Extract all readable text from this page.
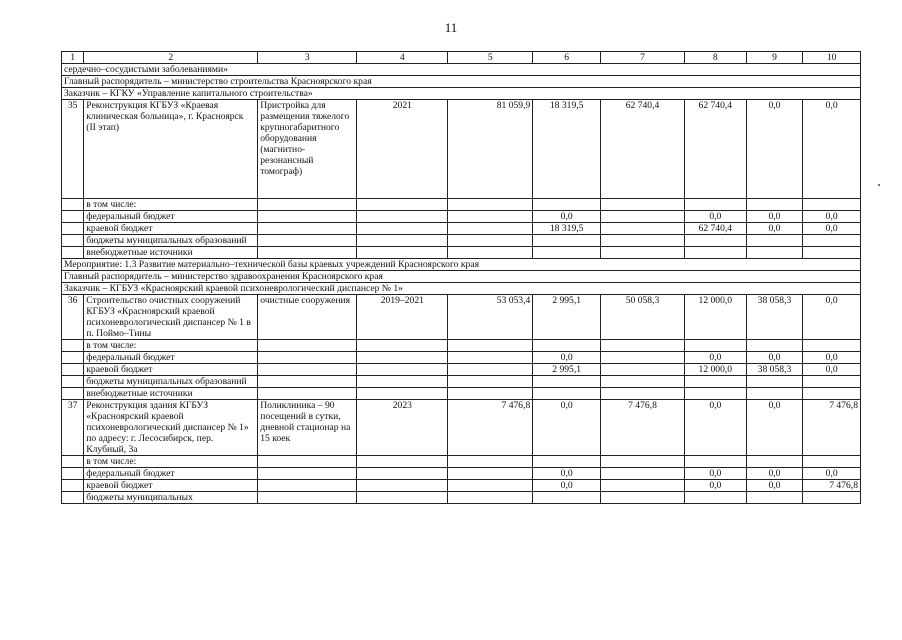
11
1	2	3	4	5	6	7	8	9	10
сердечно–сосудистыми заболеваниями»									
Главный распорядитель – министерство строительства Красноярского края									
Заказчик – КГКУ «Управление капитального строительства»									
35	Реконструкция КГБУЗ «Краевая клиническая больница», г. Красноярск (II этап)	Пристройка для размещения тяжелого крупногабаритного оборудования (магнитно-резонансный томограф)	2021	81 059,9	18 319,5	62 740,4	62 740,4	0,0	0,0
	в том числе:								
	федеральный бюджет				0,0		0,0	0,0	0,0
	краевой бюджет				18 319,5		62 740,4	0,0	0,0
	бюджеты муниципальных образований								
	внебюджетные источники								
Мероприятие: 1.3 Развитие материально–технической базы краевых учреждений Красноярского края									
Главный распорядитель – министерство здравоохранения Красноярского края									
Заказчик – КГБУЗ «Красноярский краевой психоневрологический диспансер № 1»									
36	Строительство очистных сооружений КГБУЗ «Красноярский краевой психоневрологический диспансер № 1 в п. Поймо–Тины	очистные сооружения	2019–2021	53 053,4	2 995,1	50 058,3	12 000,0	38 058,3	0,0
	в том числе:								
	федеральный бюджет				0,0		0,0	0,0	0,0
	краевой бюджет				2 995,1		12 000,0	38 058,3	0,0
	бюджеты муниципальных образований								
	внебюджетные источники								
37	Реконструкция здания КГБУЗ «Красноярский краевой психоневрологический диспансер № 1» по адресу: г. Лесосибирск, пер. Клубный, 3а	Поликлиника – 90 посещений в сутки, дневной стационар на 15 коек	2023	7 476,8	0,0	7 476,8	0,0	0,0	7 476,8
	в том числе:								
	федеральный бюджет				0,0		0,0	0,0	0,0
	краевой бюджет				0,0		0,0	0,0	7 476,8
	бюджеты муниципальных								
